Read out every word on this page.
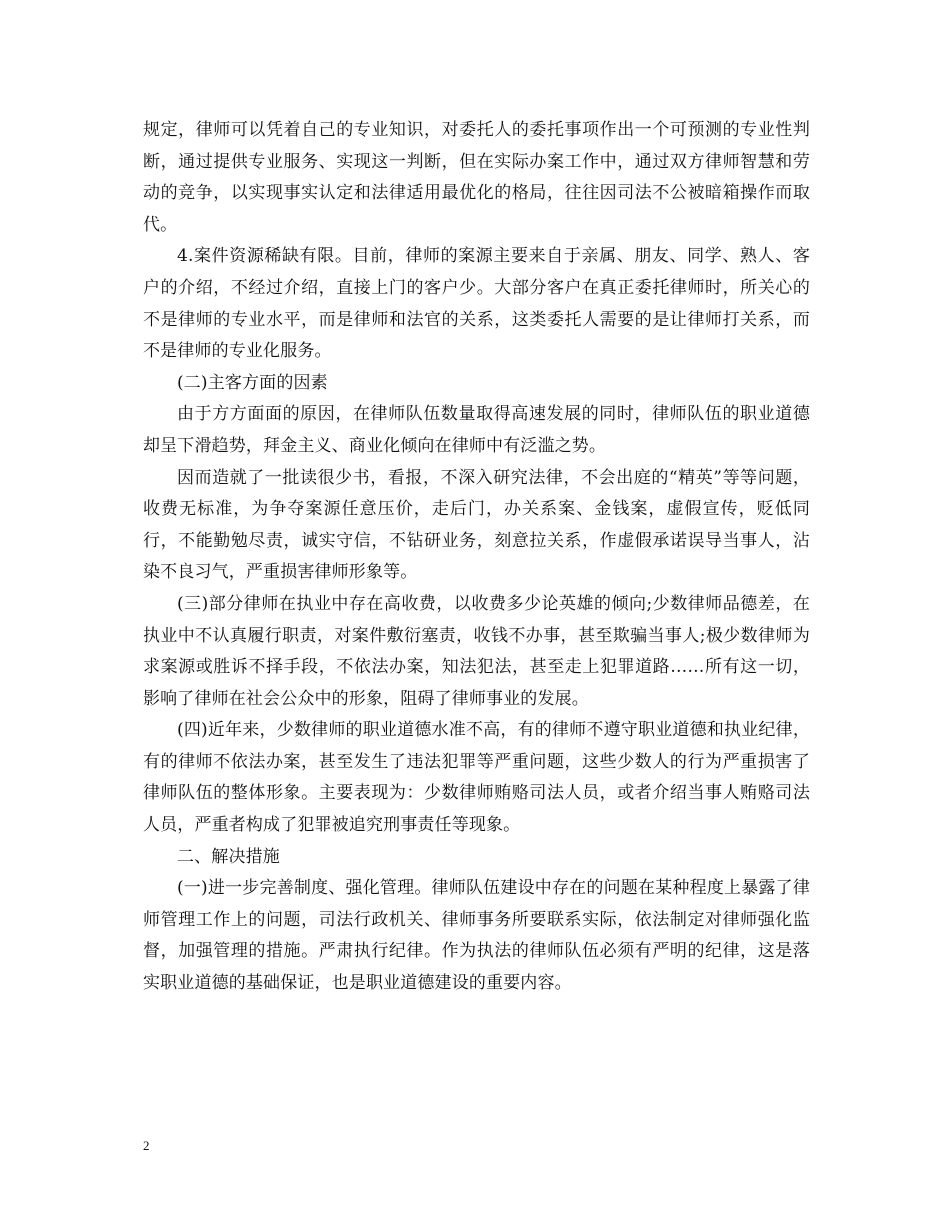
规定，律师可以凭着自己的专业知识，对委托人的委托事项作出一个可预测的专业性判断，通过提供专业服务、实现这一判断，但在实际办案工作中，通过双方律师智慧和劳动的竞争，以实现事实认定和法律适用最优化的格局，往往因司法不公被暗箱操作而取代。

4.案件资源稀缺有限。目前，律师的案源主要来自于亲属、朋友、同学、熟人、客户的介绍，不经过介绍，直接上门的客户少。大部分客户在真正委托律师时，所关心的不是律师的专业水平，而是律师和法官的关系，这类委托人需要的是让律师打关系，而不是律师的专业化服务。

(二)主客方面的因素

由于方方面面的原因，在律师队伍数量取得高速发展的同时，律师队伍的职业道德却呈下滑趋势，拜金主义、商业化倾向在律师中有泛滥之势。

因而造就了一批读很少书，看报，不深入研究法律，不会出庭的“精英”等等问题，收费无标准，为争夺案源任意压价，走后门，办关系案、金钱案，虚假宣传，贬低同行，不能勤勉尽责，诚实守信，不钻研业务，刻意拉关系，作虚假承诺误导当事人，沾染不良习气，严重损害律师形象等。

(三)部分律师在执业中存在高收费，以收费多少论英雄的倾向;少数律师品德差，在执业中不认真履行职责，对案件敷衍塞责，收钱不办事，甚至欺骗当事人;极少数律师为求案源或胜诉不择手段，不依法办案，知法犯法，甚至走上犯罪道路……所有这一切，影响了律师在社会公众中的形象，阻碍了律师事业的发展。

(四)近年来，少数律师的职业道德水准不高，有的律师不遵守职业道德和执业纪律，有的律师不依法办案，甚至发生了违法犯罪等严重问题，这些少数人的行为严重损害了律师队伍的整体形象。主要表现为：少数律师贿赂司法人员，或者介绍当事人贿赂司法人员，严重者构成了犯罪被追究刑事责任等现象。

二、解决措施

(一)进一步完善制度、强化管理。律师队伍建设中存在的问题在某种程度上暴露了律师管理工作上的问题，司法行政机关、律师事务所要联系实际，依法制定对律师强化监督，加强管理的措施。严肃执行纪律。作为执法的律师队伍必须有严明的纪律，这是落实职业道德的基础保证，也是职业道德建设的重要内容。

2
